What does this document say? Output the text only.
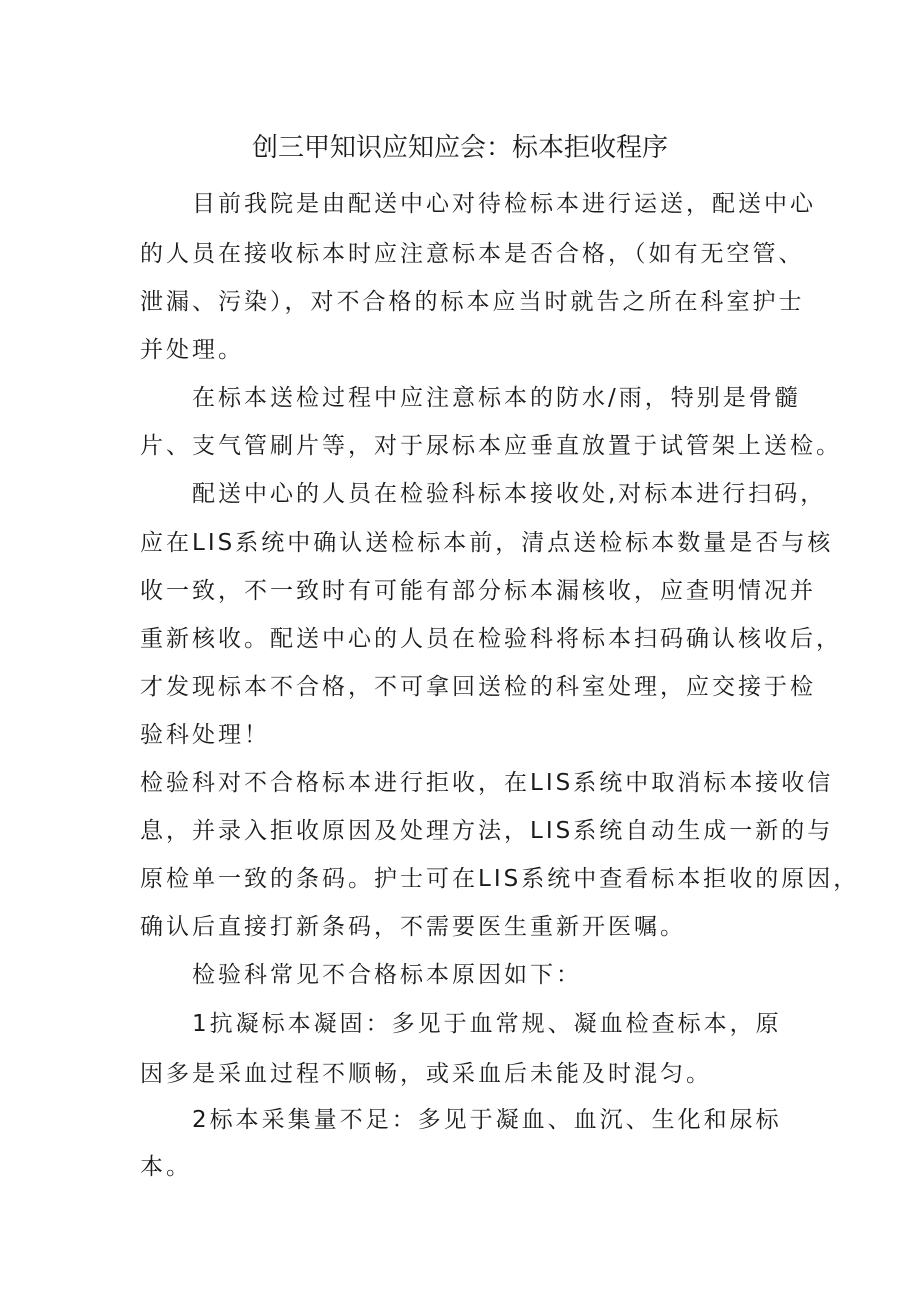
创三甲知识应知应会：标本拒收程序
目前我院是由配送中心对待检标本进行运送，配送中心
的人员在接收标本时应注意标本是否合格，（如有无空管、
泄漏、污染），对不合格的标本应当时就告之所在科室护士
并处理。
在标本送检过程中应注意标本的防水/雨，特别是骨髓
片、支气管刷片等，对于尿标本应垂直放置于试管架上送检。
配送中心的人员在检验科标本接收处,对标本进行扫码，
应在LIS系统中确认送检标本前，清点送检标本数量是否与核
收一致，不一致时有可能有部分标本漏核收，应查明情况并
重新核收。配送中心的人员在检验科将标本扫码确认核收后，
才发现标本不合格，不可拿回送检的科室处理，应交接于检
验科处理！
检验科对不合格标本进行拒收，在LIS系统中取消标本接收信
息，并录入拒收原因及处理方法，LIS系统自动生成一新的与
原检单一致的条码。护士可在LIS系统中查看标本拒收的原因，
确认后直接打新条码，不需要医生重新开医嘱。
检验科常见不合格标本原因如下：
1抗凝标本凝固：多见于血常规、凝血检查标本，原
因多是采血过程不顺畅，或采血后未能及时混匀。
2标本采集量不足：多见于凝血、血沉、生化和尿标
本。
